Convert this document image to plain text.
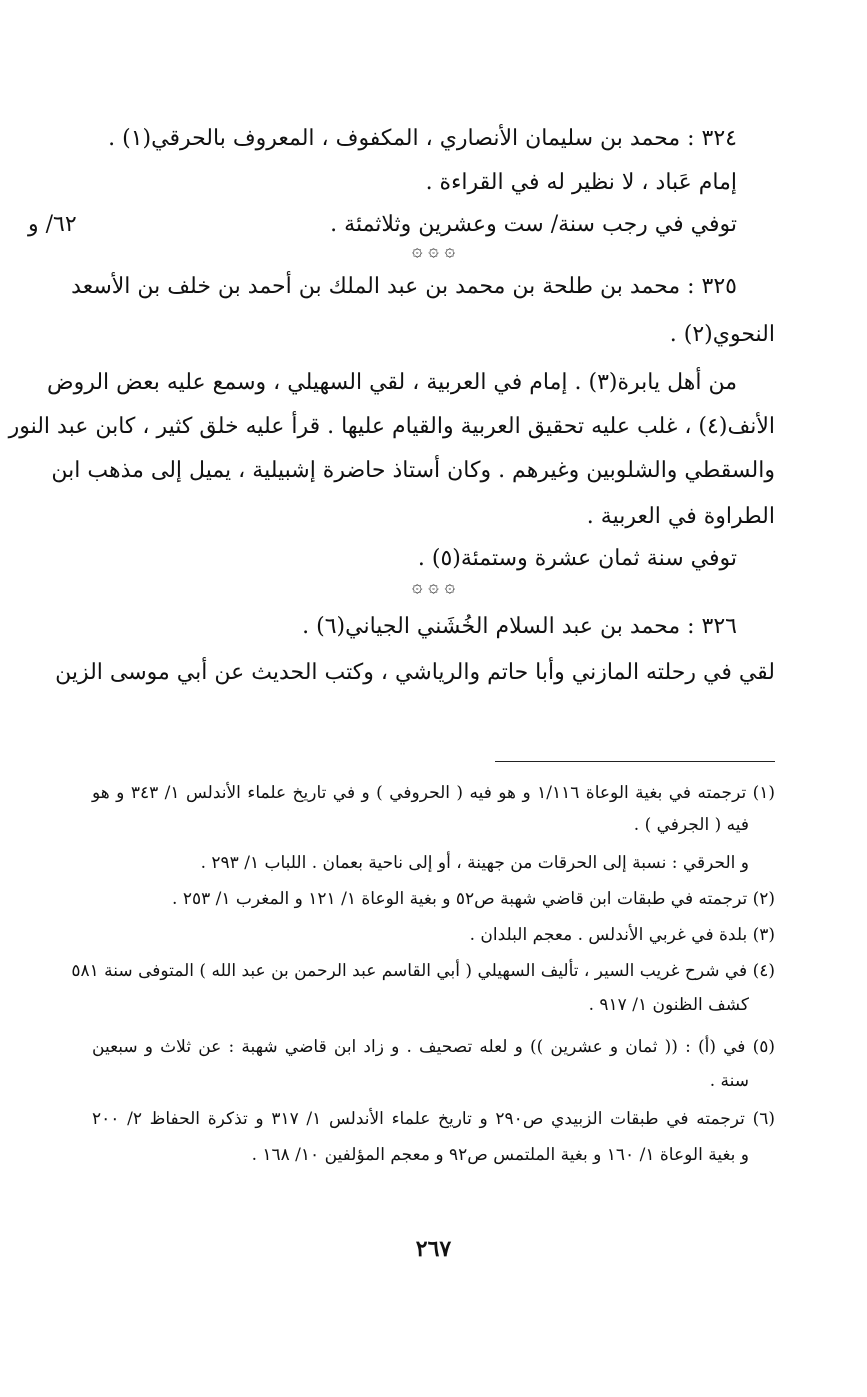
٦٢/ و
٣٢٤ : محمد بن سليمان الأنصاري ، المكفوف ، المعروف بالحرقي(١) .
إمام عَباد ، لا نظير له في القراءة .
توفي في رجب سنة/ ست وعشرين وثلاثمئة .
۞ ۞ ۞
٣٢٥ : محمد بن طلحة بن محمد بن عبد الملك بن أحمد بن خلف بن الأسعد
النحوي(٢) .
من أهل يابرة(٣) . إمام في العربية ، لقي السهيلي ، وسمع عليه بعض الروض
الأنف(٤) ، غلب عليه تحقيق العربية والقيام عليها . قرأ عليه خلق كثير ، كابن عبد النور
والسقطي والشلوبين وغيرهم . وكان أستاذ حاضرة إشبيلية ، يميل إلى مذهب ابن
الطراوة في العربية .
توفي سنة ثمان عشرة وستمئة(٥) .
۞ ۞ ۞
٣٢٦ : محمد بن عبد السلام الخُشَني الجياني(٦) .
لقي في رحلته المازني وأبا حاتم والرياشي ، وكتب الحديث عن أبي موسى الزين
(١) ترجمته في بغية الوعاة ١/١١٦ و هو فيه ( الحروفي ) و في تاريخ علماء الأندلس ١/ ٣٤٣ و هو
فيه ( الجرفي ) .
و الحرقي : نسبة إلى الحرقات من جهينة ، أو إلى ناحية بعمان . اللباب ١/ ٢٩٣ .
(٢) ترجمته في طبقات ابن قاضي شهبة ص٥٢ و بغية الوعاة ١/ ١٢١ و المغرب ١/ ٢٥٣ .
(٣) بلدة في غربي الأندلس . معجم البلدان .
(٤) في شرح غريب السير ، تأليف السهيلي ( أبي القاسم عبد الرحمن بن عبد الله ) المتوفى سنة ٥٨١
كشف الظنون ١/ ٩١٧ .
(٥) في (أ) : (( ثمان و عشرين )) و لعله تصحيف . و زاد ابن قاضي شهبة : عن ثلاث و سبعين
سنة .
(٦) ترجمته في طبقات الزبيدي ص٢٩٠ و تاريخ علماء الأندلس ١/ ٣١٧ و تذكرة الحفاظ ٢/ ٢٠٠
و بغية الوعاة ١/ ١٦٠ و بغية الملتمس ص٩٢ و معجم المؤلفين ١٠/ ١٦٨ .
٢٦٧
